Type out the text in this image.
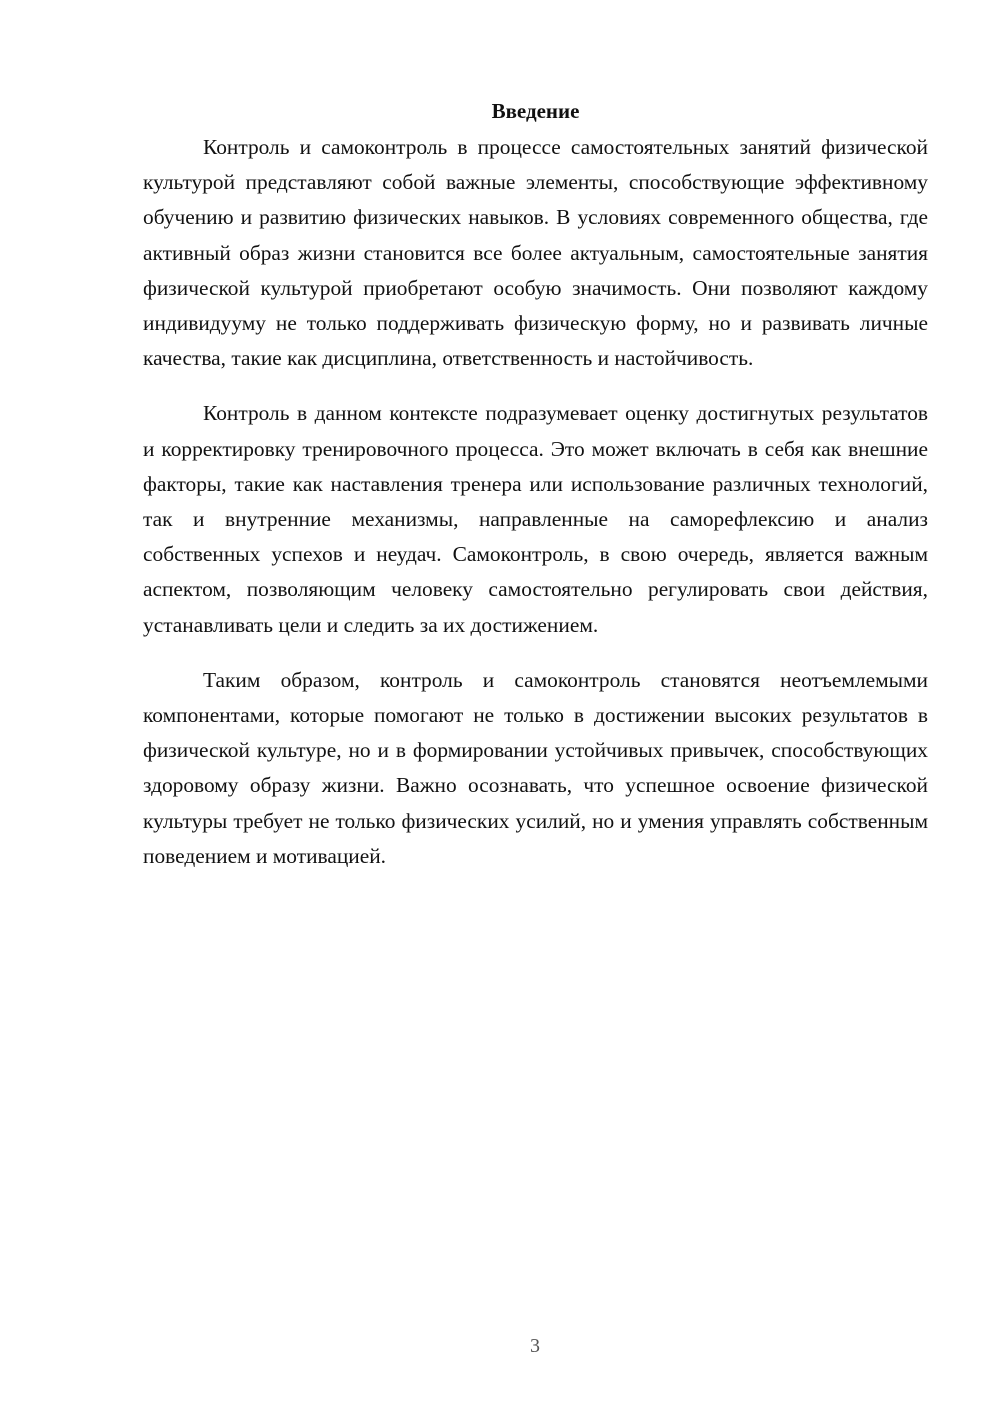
Введение

Контроль и самоконтроль в процессе самостоятельных занятий физической культурой представляют собой важные элементы, способствующие эффективному обучению и развитию физических навыков. В условиях современного общества, где активный образ жизни становится все более актуальным, самостоятельные занятия физической культурой приобретают особую значимость. Они позволяют каждому индивидууму не только поддерживать физическую форму, но и развивать личные качества, такие как дисциплина, ответственность и настойчивость.

Контроль в данном контексте подразумевает оценку достигнутых результатов и корректировку тренировочного процесса. Это может включать в себя как внешние факторы, такие как наставления тренера или использование различных технологий, так и внутренние механизмы, направленные на саморефлексию и анализ собственных успехов и неудач. Самоконтроль, в свою очередь, является важным аспектом, позволяющим человеку самостоятельно регулировать свои действия, устанавливать цели и следить за их достижением.

Таким образом, контроль и самоконтроль становятся неотъемлемыми компонентами, которые помогают не только в достижении высоких результатов в физической культуре, но и в формировании устойчивых привычек, способствующих здоровому образу жизни. Важно осознавать, что успешное освоение физической культуры требует не только физических усилий, но и умения управлять собственным поведением и мотивацией.

3
